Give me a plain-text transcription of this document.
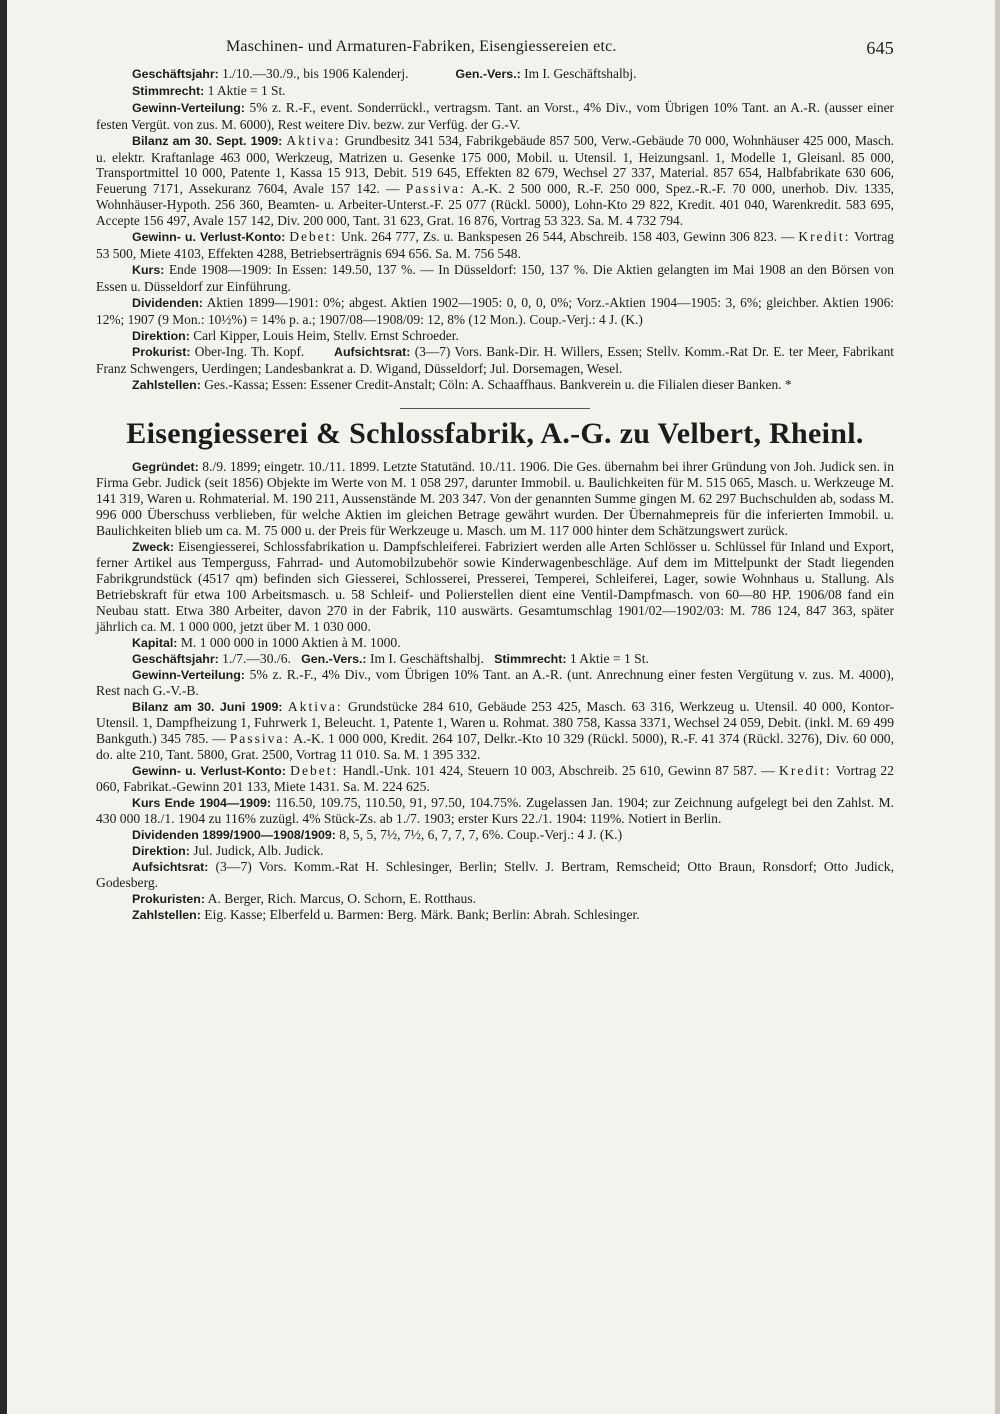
Maschinen- und Armaturen-Fabriken, Eisengiessereien etc.	645

Geschäftsjahr: 1./10.—30./9., bis 1906 Kalenderj.	Gen.-Vers.: Im I. Geschäftshalbj.

Stimmrecht: 1 Aktie = 1 St.

Gewinn-Verteilung: 5% z. R.-F., event. Sonderrückl., vertragsm. Tant. an Vorst., 4% Div., vom Übrigen 10% Tant. an A.-R. (ausser einer festen Vergüt. von zus. M. 6000), Rest weitere Div. bezw. zur Verfüg. der G.-V.

Bilanz am 30. Sept. 1909: Aktiva: Grundbesitz 341 534, Fabrikgebäude 857 500, Verw.-Gebäude 70 000, Wohnhäuser 425 000, Masch. u. elektr. Kraftanlage 463 000, Werkzeug, Matrizen u. Gesenke 175 000, Mobil. u. Utensil. 1, Heizungsanl. 1, Modelle 1, Gleisanl. 85 000, Transportmittel 10 000, Patente 1, Kassa 15 913, Debit. 519 645, Effekten 82 679, Wechsel 27 337, Material. 857 654, Halbfabrikate 630 606, Feuerung 7171, Assekuranz 7604, Avale 157 142. — Passiva: A.-K. 2 500 000, R.-F. 250 000, Spez.-R.-F. 70 000, unerhob. Div. 1335, Wohnhäuser-Hypoth. 256 360, Beamten- u. Arbeiter-Unterst.-F. 25 077 (Rückl. 5000), Lohn-Kto 29 822, Kredit. 401 040, Warenkredit. 583 695, Accepte 156 497, Avale 157 142, Div. 200 000, Tant. 31 623, Grat. 16 876, Vortrag 53 323. Sa. M. 4 732 794.

Gewinn- u. Verlust-Konto: Debet: Unk. 264 777, Zs. u. Bankspesen 26 544, Abschreib. 158 403, Gewinn 306 823. — Kredit: Vortrag 53 500, Miete 4103, Effekten 4288, Betriebserträgnis 694 656. Sa. M. 756 548.

Kurs: Ende 1908—1909: In Essen: 149.50, 137 %. — In Düsseldorf: 150, 137 %. Die Aktien gelangten im Mai 1908 an den Börsen von Essen u. Düsseldorf zur Einführung.

Dividenden: Aktien 1899—1901: 0%; abgest. Aktien 1902—1905: 0, 0, 0, 0%; Vorz.-Aktien 1904—1905: 3, 6%; gleichber. Aktien 1906: 12%; 1907 (9 Mon.: 10½%) = 14% p. a.; 1907/08—1908/09: 12, 8% (12 Mon.). Coup.-Verj.: 4 J. (K.)

Direktion: Carl Kipper, Louis Heim, Stellv. Ernst Schroeder.

Prokurist: Ober-Ing. Th. Kopf. Aufsichtsrat: (3—7) Vors. Bank-Dir. H. Willers, Essen; Stellv. Komm.-Rat Dr. E. ter Meer, Fabrikant Franz Schwengers, Uerdingen; Landesbankrat a. D. Wigand, Düsseldorf; Jul. Dorsemagen, Wesel.

Zahlstellen: Ges.-Kassa; Essen: Essener Credit-Anstalt; Cöln: A. Schaaffhaus. Bankverein u. die Filialen dieser Banken. *

Eisengiesserei & Schlossfabrik, A.-G. zu Velbert, Rheinl.

Gegründet: 8./9. 1899; eingetr. 10./11. 1899. Letzte Statutänd. 10./11. 1906. Die Ges. übernahm bei ihrer Gründung von Joh. Judick sen. in Firma Gebr. Judick (seit 1856) Objekte im Werte von M. 1 058 297, darunter Immobil. u. Baulichkeiten für M. 515 065, Masch. u. Werkzeuge M. 141 319, Waren u. Rohmaterial. M. 190 211, Aussenstände M. 203 347. Von der genannten Summe gingen M. 62 297 Buchschulden ab, sodass M. 996 000 Überschuss verblieben, für welche Aktien im gleichen Betrage gewährt wurden. Der Übernahmepreis für die inferierten Immobil. u. Baulichkeiten blieb um ca. M. 75 000 u. der Preis für Werkzeuge u. Masch. um M. 117 000 hinter dem Schätzungswert zurück.

Zweck: Eisengiesserei, Schlossfabrikation u. Dampfschleiferei. Fabriziert werden alle Arten Schlösser u. Schlüssel für Inland und Export, ferner Artikel aus Temperguss, Fahrrad- und Automobilzubehör sowie Kinderwagenbeschläge. Auf dem im Mittelpunkt der Stadt liegenden Fabrikgrundstück (4517 qm) befinden sich Giesserei, Schlosserei, Presserei, Temperei, Schleiferei, Lager, sowie Wohnhaus u. Stallung. Als Betriebskraft für etwa 100 Arbeitsmasch. u. 58 Schleif- und Polierstellen dient eine Ventil-Dampfmasch. von 60—80 HP. 1906/08 fand ein Neubau statt. Etwa 380 Arbeiter, davon 270 in der Fabrik, 110 auswärts. Gesamtumschlag 1901/02—1902/03: M. 786 124, 847 363, später jährlich ca. M. 1 000 000, jetzt über M. 1 030 000.

Kapital: M. 1 000 000 in 1000 Aktien à M. 1000.

Geschäftsjahr: 1./7.—30./6. Gen.-Vers.: Im I. Geschäftshalbj. Stimmrecht: 1 Aktie = 1 St.

Gewinn-Verteilung: 5% z. R.-F., 4% Div., vom Übrigen 10% Tant. an A.-R. (unt. Anrechnung einer festen Vergütung v. zus. M. 4000), Rest nach G.-V.-B.

Bilanz am 30. Juni 1909: Aktiva: Grundstücke 284 610, Gebäude 253 425, Masch. 63 316, Werkzeug u. Utensil. 40 000, Kontor-Utensil. 1, Dampfheizung 1, Fuhrwerk 1, Beleucht. 1, Patente 1, Waren u. Rohmat. 380 758, Kassa 3371, Wechsel 24 059, Debit. (inkl. M. 69 499 Bankguth.) 345 785. — Passiva: A.-K. 1 000 000, Kredit. 264 107, Delkr.-Kto 10 329 (Rückl. 5000), R.-F. 41 374 (Rückl. 3276), Div. 60 000, do. alte 210, Tant. 5800, Grat. 2500, Vortrag 11 010. Sa. M. 1 395 332.

Gewinn- u. Verlust-Konto: Debet: Handl.-Unk. 101 424, Steuern 10 003, Abschreib. 25 610, Gewinn 87 587. — Kredit: Vortrag 22 060, Fabrikat.-Gewinn 201 133, Miete 1431. Sa. M. 224 625.

Kurs Ende 1904—1909: 116.50, 109.75, 110.50, 91, 97.50, 104.75%. Zugelassen Jan. 1904; zur Zeichnung aufgelegt bei den Zahlst. M. 430 000 18./1. 1904 zu 116% zuzügl. 4% Stück-Zs. ab 1./7. 1903; erster Kurs 22./1. 1904: 119%. Notiert in Berlin.

Dividenden 1899/1900—1908/1909: 8, 5, 5, 7½, 7½, 6, 7, 7, 7, 6%. Coup.-Verj.: 4 J. (K.)

Direktion: Jul. Judick, Alb. Judick.

Aufsichtsrat: (3—7) Vors. Komm.-Rat H. Schlesinger, Berlin; Stellv. J. Bertram, Remscheid; Otto Braun, Ronsdorf; Otto Judick, Godesberg.

Prokuristen: A. Berger, Rich. Marcus, O. Schorn, E. Rotthaus.

Zahlstellen: Eig. Kasse; Elberfeld u. Barmen: Berg. Märk. Bank; Berlin: Abrah. Schlesinger.
